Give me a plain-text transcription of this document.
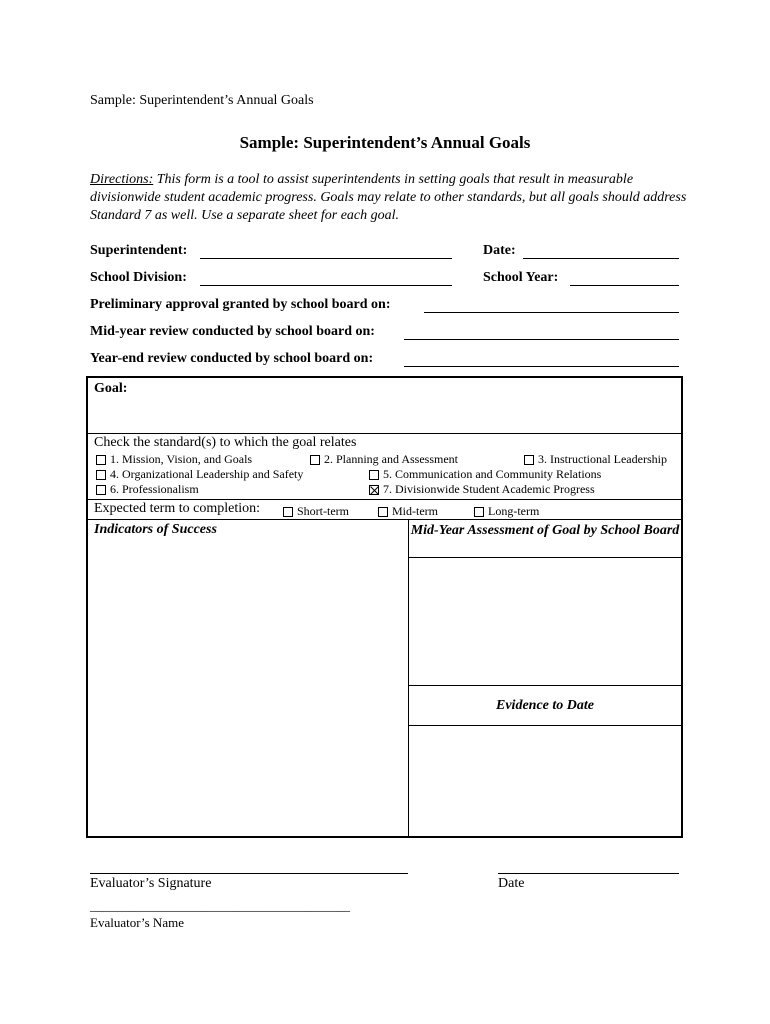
Sample: Superintendent’s Annual Goals
Sample: Superintendent’s Annual Goals
Directions: This form is a tool to assist superintendents in setting goals that result in measurable divisionwide student academic progress. Goals may relate to other standards, but all goals should address Standard 7 as well. Use a separate sheet for each goal.
Superintendent:	Date:
School Division:	School Year:
Preliminary approval granted by school board on:
Mid-year review conducted by school board on:
Year-end review conducted by school board on:
Goal:
Check the standard(s) to which the goal relates
1. Mission, Vision, and Goals	2. Planning and Assessment	3. Instructional Leadership
4. Organizational Leadership and Safety	5. Communication and Community Relations
6. Professionalism	7. Divisionwide Student Academic Progress
Expected term to completion:	Short-term	Mid-term	Long-term
Indicators of Success	Mid-Year Assessment of Goal by School Board
Evidence to Date
Evaluator’s Signature	Date
________________________________________
Evaluator’s Name
